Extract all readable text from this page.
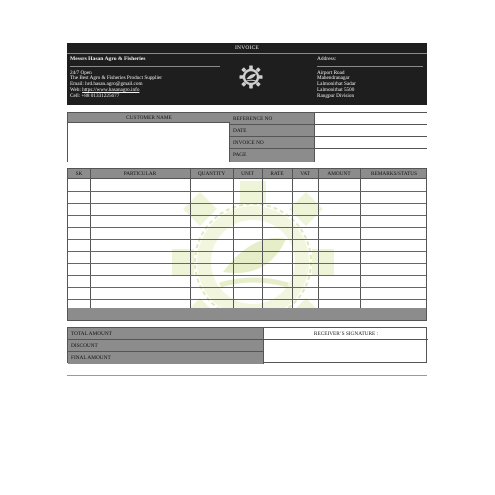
INVOICE
Messrs Hasan Agro & Fisheries
24/7 Open
The Best Agro & Fisheries Product Supplier
Email: hrd.hasan.agro@gmail.com
Web: https://www.hasanagro.info
Cell: +88 01331225677
Address:
Airport Road
Mahendranagar
Lalmonirhat Sadar
Lalmonirhat 5500
Rangpur Division
CUSTOMER NAME	REFERENCE NO
DATE
INVOICE NO
PAGE
SK	PARTICULAR	QUANTITY	UNIT	RATE	VAT	AMOUNT	REMARKS/STATUS
TOTAL AMOUNT
DISCOUNT
FINAL AMOUNT
RECEIVER’S SIGNATURE :
